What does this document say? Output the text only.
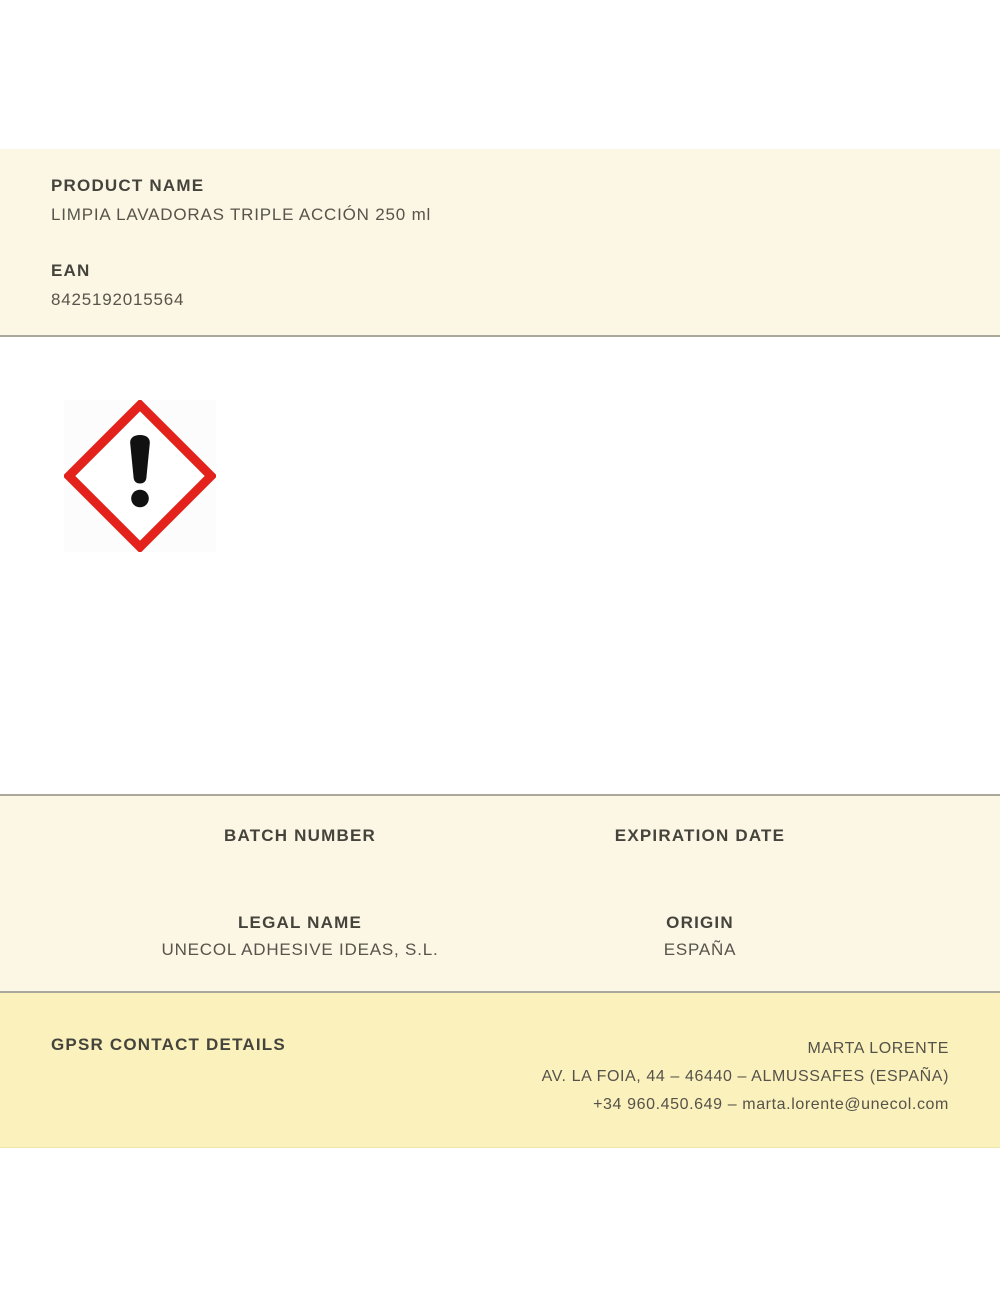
PRODUCT NAME
LIMPIA LAVADORAS TRIPLE ACCIÓN 250 ml
EAN
8425192015564
BATCH NUMBER	EXPIRATION DATE
LEGAL NAME
UNECOL ADHESIVE IDEAS, S.L.
ORIGIN
ESPAÑA
GPSR CONTACT DETAILS	MARTA LORENTE
AV. LA FOIA, 44 – 46440 – ALMUSSAFES (ESPAÑA)
+34 960.450.649 – marta.lorente@unecol.com
